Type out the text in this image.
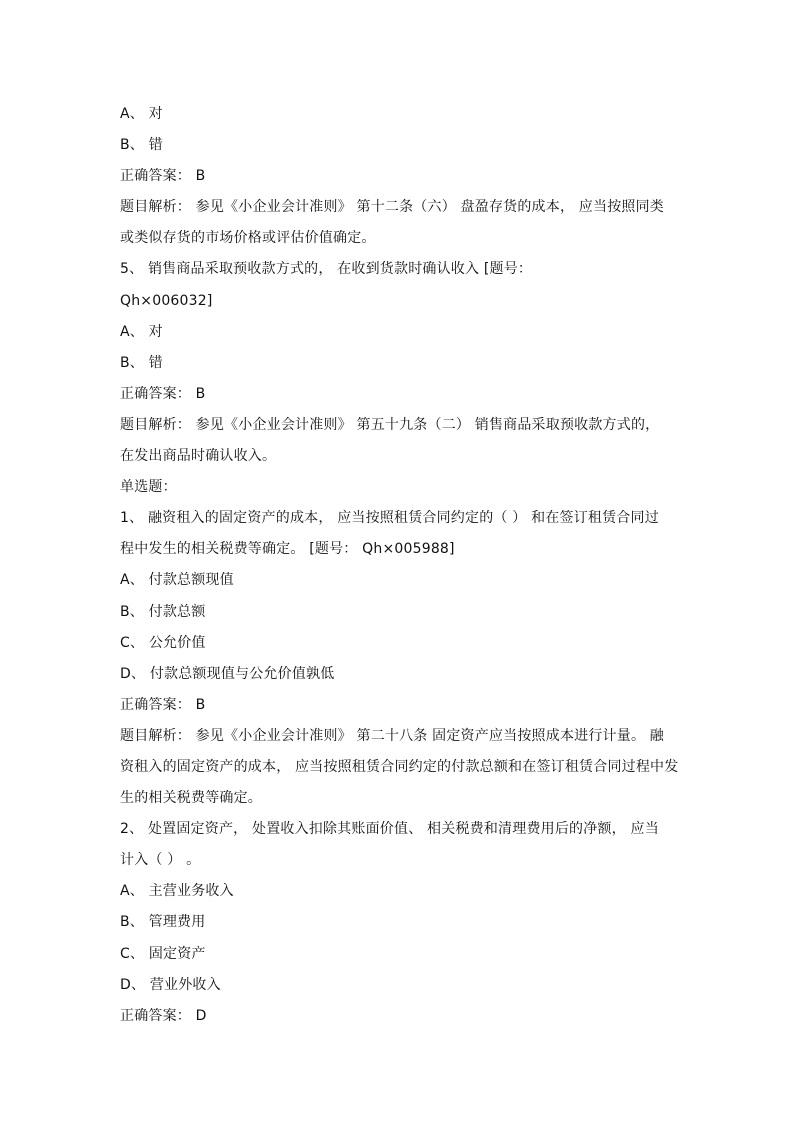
A、 对
B、 错
正确答案： B
题目解析： 参见《小企业会计准则》 第十二条（六） 盘盈存货的成本， 应当按照同类
或类似存货的市场价格或评估价值确定。
5、 销售商品采取预收款方式的， 在收到货款时确认收入 [题号：
Qh×006032]
A、 对
B、 错
正确答案： B
题目解析： 参见《小企业会计准则》 第五十九条（二） 销售商品采取预收款方式的，
在发出商品时确认收入。
单选题：
1、 融资租入的固定资产的成本， 应当按照租赁合同约定的（ ） 和在签订租赁合同过
程中发生的相关税费等确定。 [题号： Qh×005988]
A、 付款总额现值
B、 付款总额
C、 公允价值
D、 付款总额现值与公允价值孰低
正确答案： B
题目解析： 参见《小企业会计准则》 第二十八条 固定资产应当按照成本进行计量。 融
资租入的固定资产的成本， 应当按照租赁合同约定的付款总额和在签订租赁合同过程中发
生的相关税费等确定。
2、 处置固定资产， 处置收入扣除其账面价值、 相关税费和清理费用后的净额， 应当
计入（ ） 。
A、 主营业务收入
B、 管理费用
C、 固定资产
D、 营业外收入
正确答案： D
